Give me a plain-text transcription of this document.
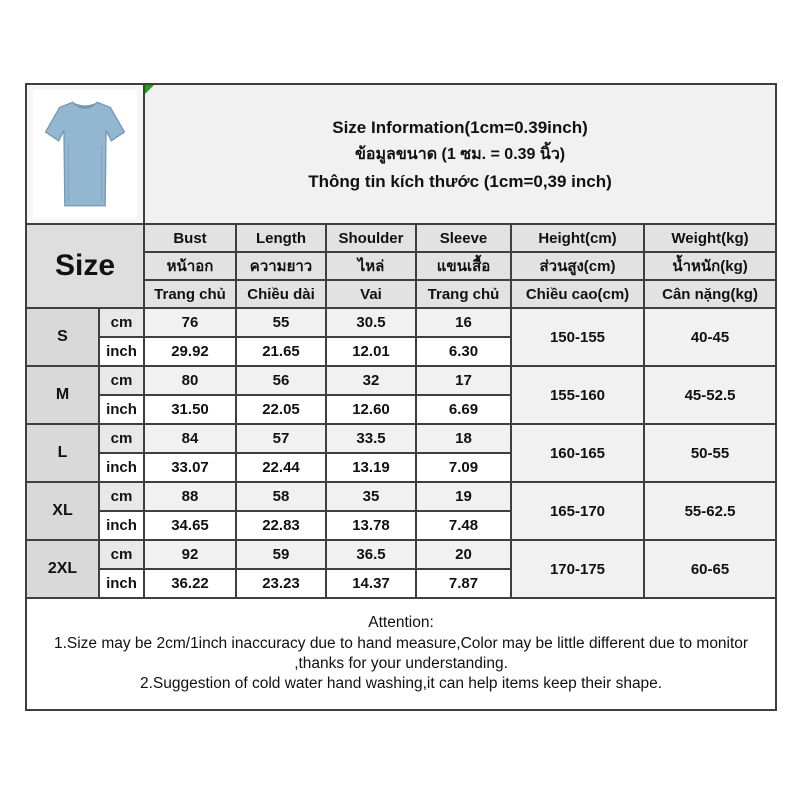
Size Information(1cm=0.39inch)
ข้อมูลขนาด (1 ซม. = 0.39 นิ้ว)
Thông tin kích thước (1cm=0,39 inch)					

Size		Bust	Length	Shoulder	Sleeve	Height(cm)	Weight(kg)
		หน้าอก	ความยาว	ไหล่	แขนเสื้อ	ส่วนสูง(cm)	น้ำหนัก(kg)
		Trang chủ	Chiều dài	Vai	Trang chủ	Chiều cao(cm)	Cân nặng(kg)
S	cm	76	55	30.5	16	150-155	40-45
	inch	29.92	21.65	12.01	6.30		
M	cm	80	56	32	17	155-160	45-52.5
	inch	31.50	22.05	12.60	6.69		
L	cm	84	57	33.5	18	160-165	50-55
	inch	33.07	22.44	13.19	7.09		
XL	cm	88	58	35	19	165-170	55-62.5
	inch	34.65	22.83	13.78	7.48		
2XL	cm	92	59	36.5	20	170-175	60-65
	inch	36.22	23.23	14.37	7.87		

Attention:
1.Size may be 2cm/1inch inaccuracy due to hand measure,Color may be little different due to monitor ,thanks for your understanding.
2.Suggestion of cold water hand washing,it can help items keep their shape.							
